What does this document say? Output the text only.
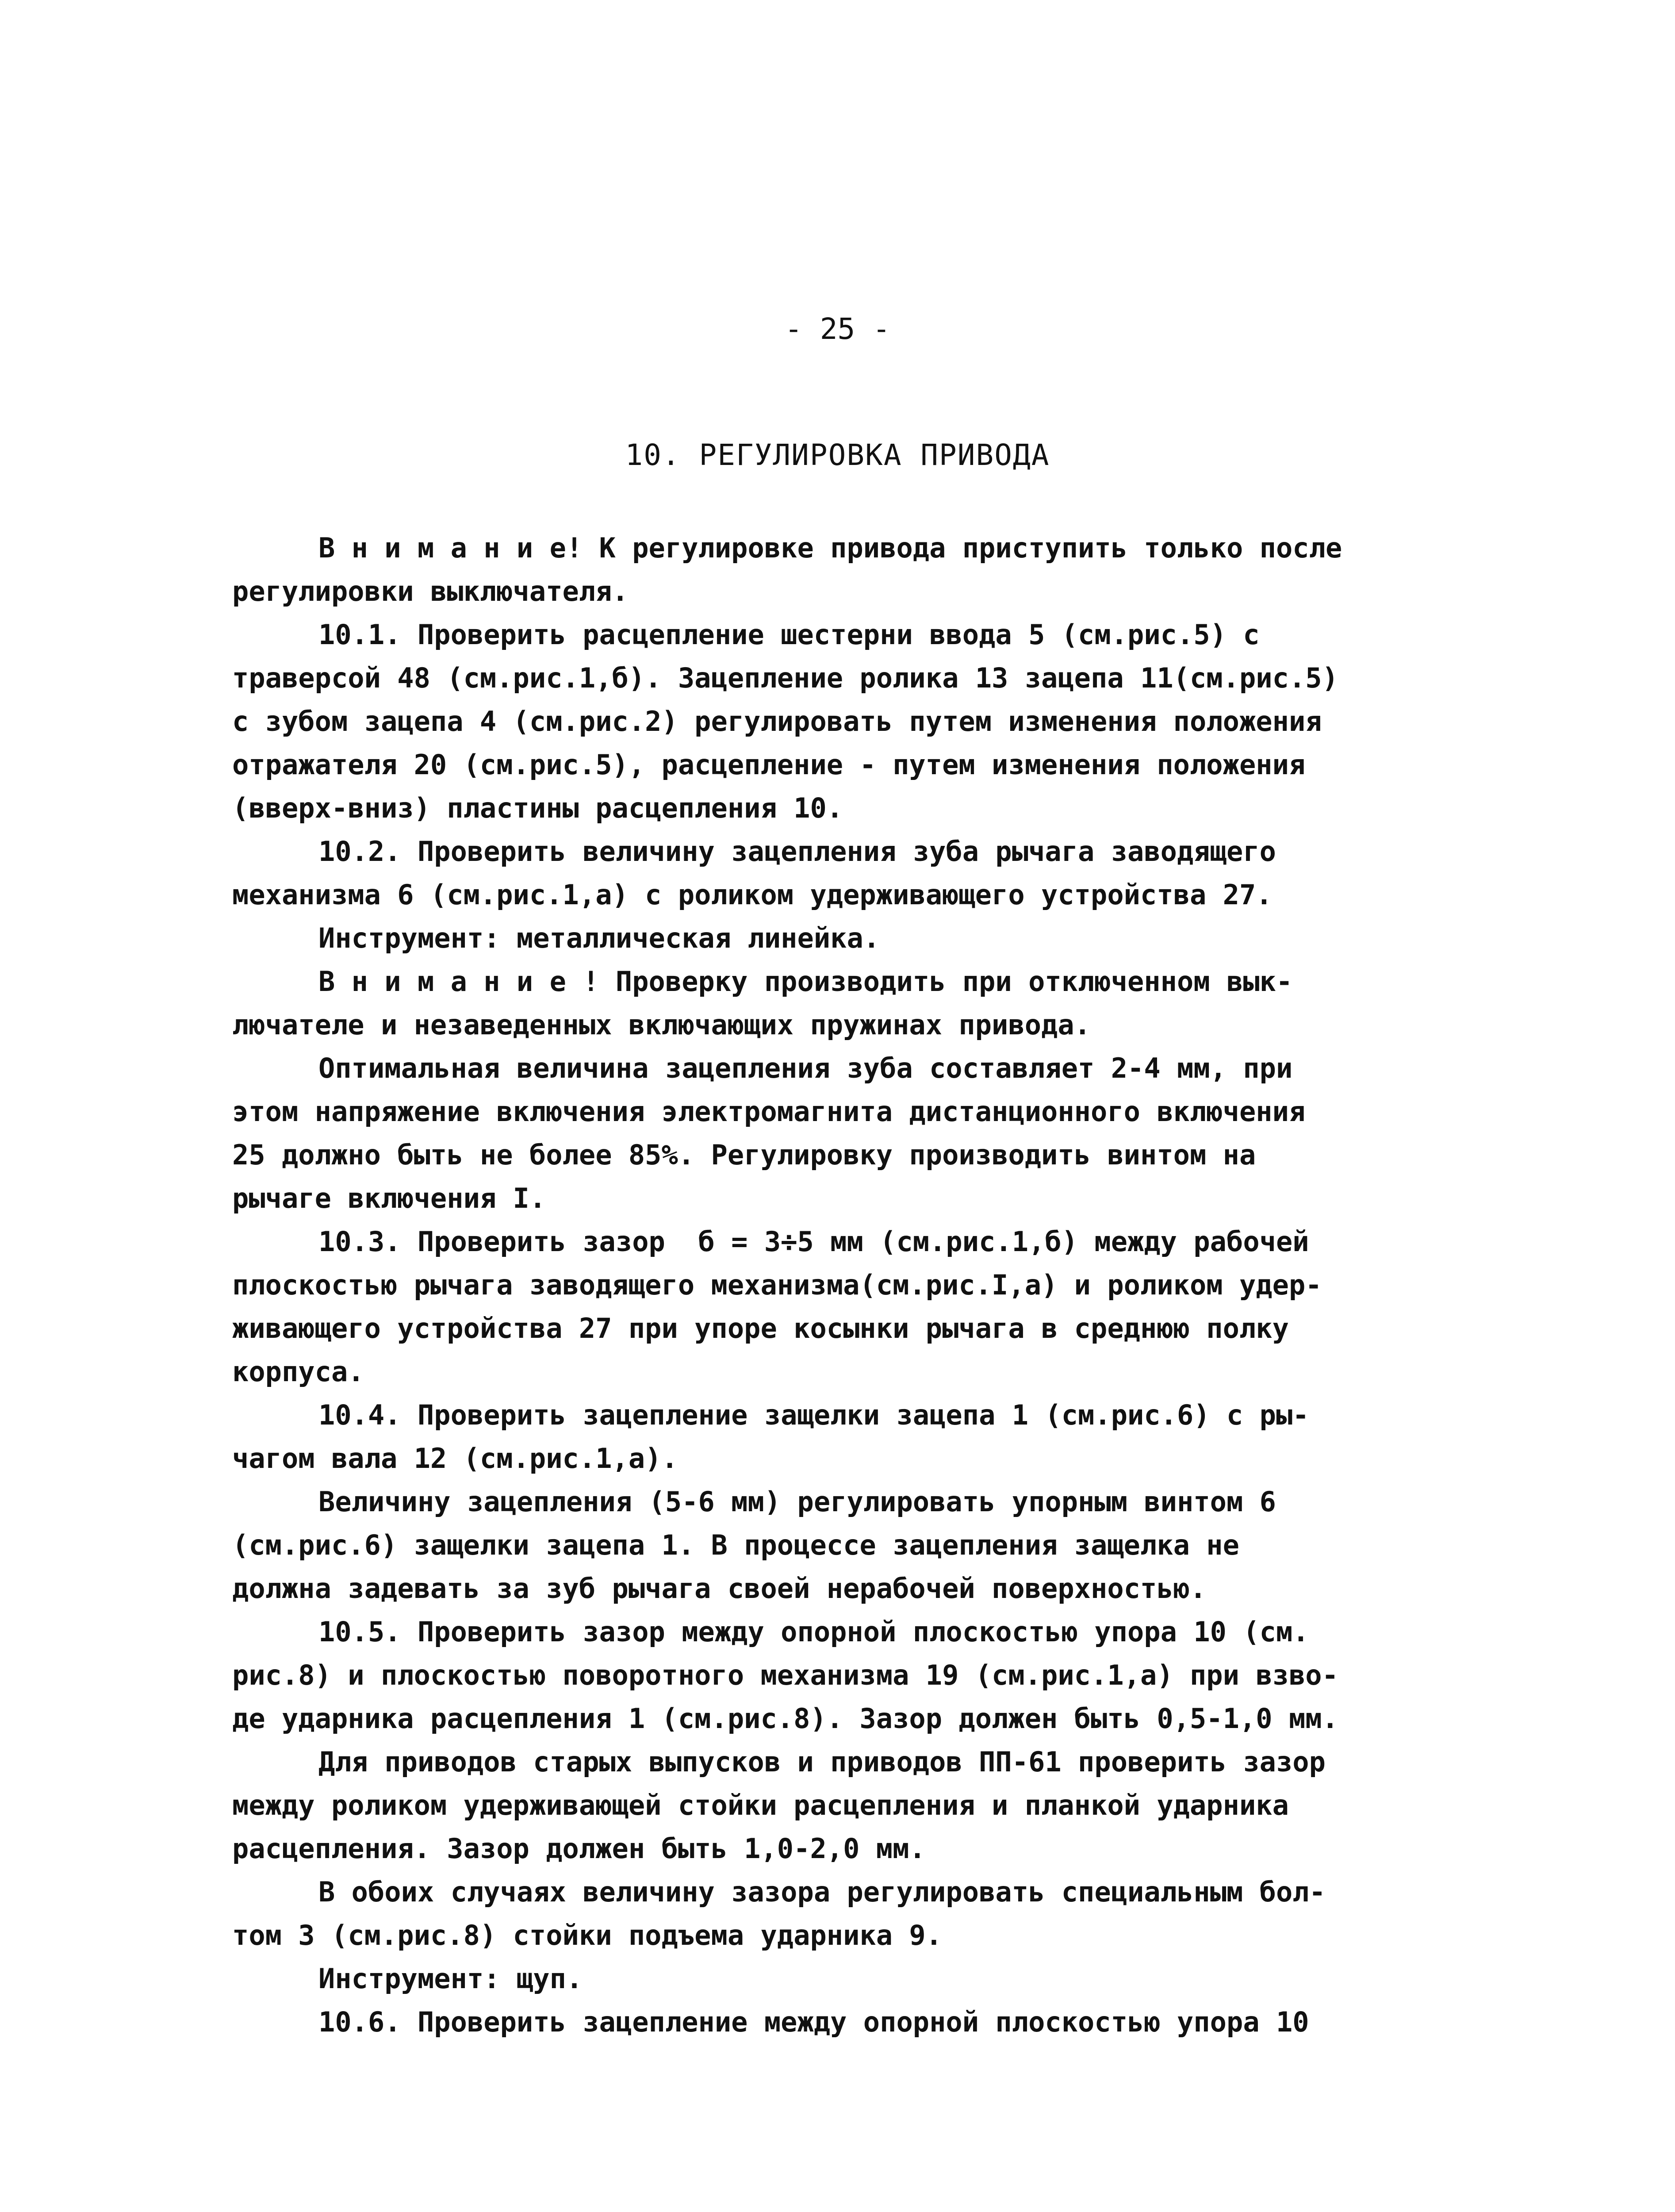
- 25 -
10. РЕГУЛИРОВКА ПРИВОДА
В н и м а н и е! К регулировке привода приступить только после
регулировки выключателя.
10.1. Проверить расцепление шестерни ввода 5 (см.рис.5) с
траверсой 48 (см.рис.1,б). Зацепление ролика 13 зацепа 11(см.рис.5)
с зубом зацепа 4 (см.рис.2) регулировать путем изменения положения
отражателя 20 (см.рис.5), расцепление - путем изменения положения
(вверх-вниз) пластины расцепления 10.
10.2. Проверить величину зацепления зуба рычага заводящего
механизма 6 (см.рис.1,а) с роликом удерживающего устройства 27.
Инструмент: металлическая линейка.
В н и м а н и е ! Проверку производить при отключенном вык-
лючателе и незаведенных включающих пружинах привода.
Оптимальная величина зацепления зуба составляет 2-4 мм, при
этом напряжение включения электромагнита дистанционного включения
25 должно быть не более 85%. Регулировку производить винтом на
рычаге включения I.
10.3. Проверить зазор  б = 3÷5 мм (см.рис.1,б) между рабочей
плоскостью рычага заводящего механизма(см.рис.I,а) и роликом удер-
живающего устройства 27 при упоре косынки рычага в среднюю полку
корпуса.
10.4. Проверить зацепление защелки зацепа 1 (см.рис.6) с ры-
чагом вала 12 (см.рис.1,а).
Величину зацепления (5-6 мм) регулировать упорным винтом 6
(см.рис.6) защелки зацепа 1. В процессе зацепления защелка не
должна задевать за зуб рычага своей нерабочей поверхностью.
10.5. Проверить зазор между опорной плоскостью упора 10 (см.
рис.8) и плоскостью поворотного механизма 19 (см.рис.1,а) при взво-
де ударника расцепления 1 (см.рис.8). Зазор должен быть 0,5-1,0 мм.
Для приводов старых выпусков и приводов ПП-61 проверить зазор
между роликом удерживающей стойки расцепления и планкой ударника
расцепления. Зазор должен быть 1,0-2,0 мм.
В обоих случаях величину зазора регулировать специальным бол-
том 3 (см.рис.8) стойки подъема ударника 9.
Инструмент: щуп.
10.6. Проверить зацепление между опорной плоскостью упора 10
